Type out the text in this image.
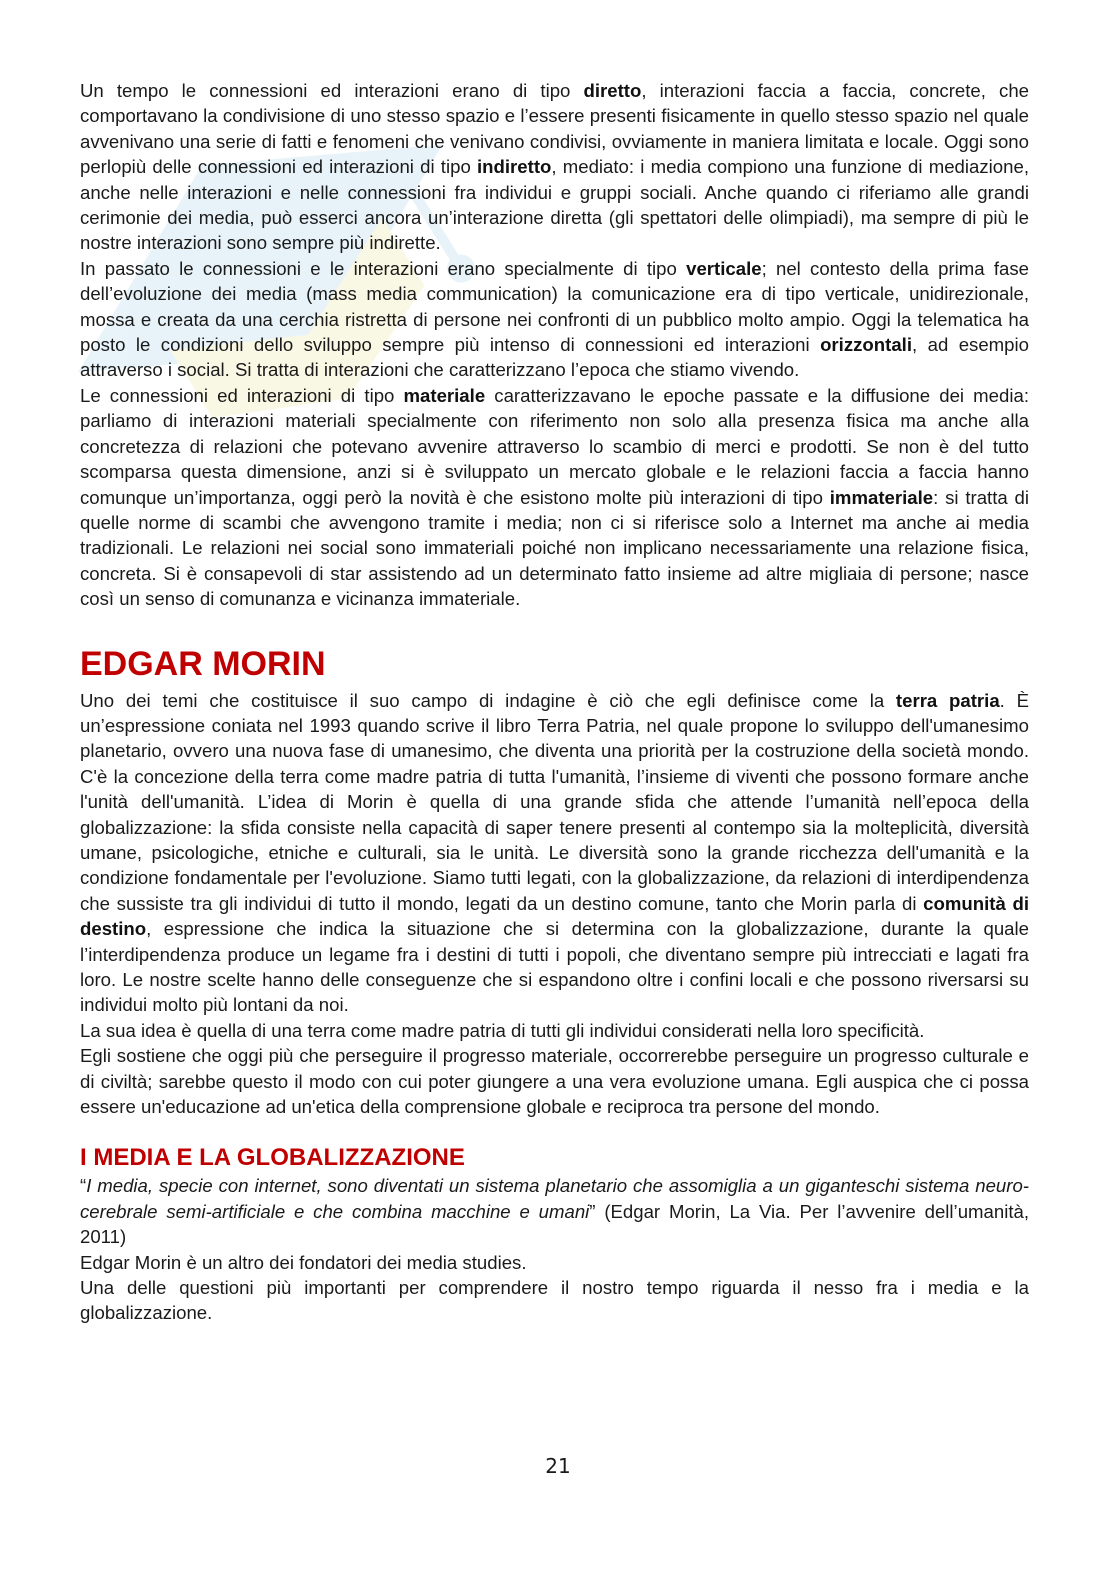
Un tempo le connessioni ed interazioni erano di tipo diretto, interazioni faccia a faccia, concrete, che comportavano la condivisione di uno stesso spazio e l’essere presenti fisicamente in quello stesso spazio nel quale avvenivano una serie di fatti e fenomeni che venivano condivisi, ovviamente in maniera limitata e locale. Oggi sono perlopiù delle connessioni ed interazioni di tipo indiretto, mediato: i media compiono una funzione di mediazione, anche nelle interazioni e nelle connessioni fra individui e gruppi sociali. Anche quando ci riferiamo alle grandi cerimonie dei media, può esserci ancora un’interazione diretta (gli spettatori delle olimpiadi), ma sempre di più le nostre interazioni sono sempre più indirette.

In passato le connessioni e le interazioni erano specialmente di tipo verticale; nel contesto della prima fase dell’evoluzione dei media (mass media communication) la comunicazione era di tipo verticale, unidirezionale, mossa e creata da una cerchia ristretta di persone nei confronti di un pubblico molto ampio. Oggi la telematica ha posto le condizioni dello sviluppo sempre più intenso di connessioni ed interazioni orizzontali, ad esempio attraverso i social. Si tratta di interazioni che caratterizzano l’epoca che stiamo vivendo.

Le connessioni ed interazioni di tipo materiale caratterizzavano le epoche passate e la diffusione dei media: parliamo di interazioni materiali specialmente con riferimento non solo alla presenza fisica ma anche alla concretezza di relazioni che potevano avvenire attraverso lo scambio di merci e prodotti. Se non è del tutto scomparsa questa dimensione, anzi si è sviluppato un mercato globale e le relazioni faccia a faccia hanno comunque un’importanza, oggi però la novità è che esistono molte più interazioni di tipo immateriale: si tratta di quelle norme di scambi che avvengono tramite i media; non ci si riferisce solo a Internet ma anche ai media tradizionali. Le relazioni nei social sono immateriali poiché non implicano necessariamente una relazione fisica, concreta. Si è consapevoli di star assistendo ad un determinato fatto insieme ad altre migliaia di persone; nasce così un senso di comunanza e vicinanza immateriale.

EDGAR MORIN

Uno dei temi che costituisce il suo campo di indagine è ciò che egli definisce come la terra patria. È un’espressione coniata nel 1993 quando scrive il libro Terra Patria, nel quale propone lo sviluppo dell'umanesimo planetario, ovvero una nuova fase di umanesimo, che diventa una priorità per la costruzione della società mondo. C'è la concezione della terra come madre patria di tutta l'umanità, l’insieme di viventi che possono formare anche l'unità dell'umanità. L’idea di Morin è quella di una grande sfida che attende l’umanità nell’epoca della globalizzazione: la sfida consiste nella capacità di saper tenere presenti al contempo sia la molteplicità, diversità umane, psicologiche, etniche e culturali, sia le unità. Le diversità sono la grande ricchezza dell'umanità e la condizione fondamentale per l'evoluzione. Siamo tutti legati, con la globalizzazione, da relazioni di interdipendenza che sussiste tra gli individui di tutto il mondo, legati da un destino comune, tanto che Morin parla di comunità di destino, espressione che indica la situazione che si determina con la globalizzazione, durante la quale l’interdipendenza produce un legame fra i destini di tutti i popoli, che diventano sempre più intrecciati e lagati fra loro. Le nostre scelte hanno delle conseguenze che si espandono oltre i confini locali e che possono riversarsi su individui molto più lontani da noi.

La sua idea è quella di una terra come madre patria di tutti gli individui considerati nella loro specificità.

Egli sostiene che oggi più che perseguire il progresso materiale, occorrerebbe perseguire un progresso culturale e di civiltà; sarebbe questo il modo con cui poter giungere a una vera evoluzione umana. Egli auspica che ci possa essere un'educazione ad un'etica della comprensione globale e reciproca tra persone del mondo.

I MEDIA E LA GLOBALIZZAZIONE

“I media, specie con internet, sono diventati un sistema planetario che assomiglia a un giganteschi sistema neuro-cerebrale semi-artificiale e che combina macchine e umani” (Edgar Morin, La Via. Per l’avvenire dell’umanità, 2011)

Edgar Morin è un altro dei fondatori dei media studies.

Una delle questioni più importanti per comprendere il nostro tempo riguarda il nesso fra i media e la globalizzazione.

21
